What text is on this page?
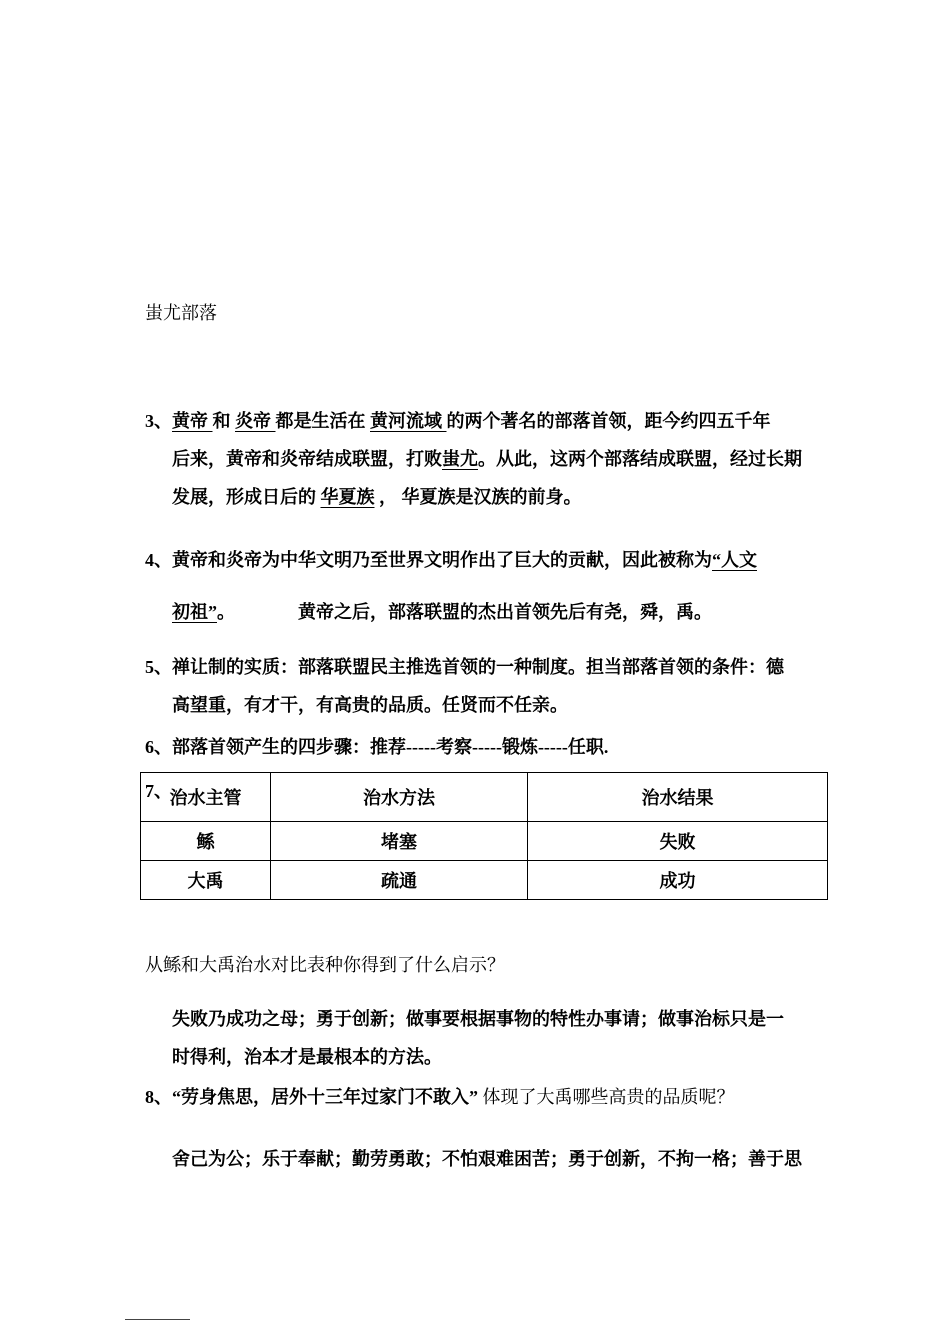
蚩尤部落

3、 黄帝 和 炎帝 都是生活在 黄河流域 的两个著名的部落首领，距今约四五千年
后来，黄帝和炎帝结成联盟，打败蚩尤。从此，这两个部落结成联盟，经过长期
发展，形成日后的 华夏族 ， 华夏族是汉族的前身。

4、 黄帝和炎帝为中华文明乃至世界文明作出了巨大的贡献，因此被称为“人文
初祖”。　　　　	黄帝之后，部落联盟的杰出首领先后有尧，舜，禹。

5、 禅让制的实质：部落联盟民主推选首领的一种制度。担当部落首领的条件：德
高望重，有才干，有高贵的品质。任贤而不任亲。

6、 部落首领产生的四步骤：推荐-----考察-----锻炼-----任职.

7、

治水主管	治水方法	治水结果
鲧	堵塞	失败
大禹	疏通	成功

从鲧和大禹治水对比表种你得到了什么启示？

失败乃成功之母；勇于创新；做事要根据事物的特性办事请；做事治标只是一
时得利，治本才是最根本的方法。

8、 “劳身焦思，居外十三年过家门不敢入” 体现了大禹哪些高贵的品质呢？

舍己为公；乐于奉献；勤劳勇敢；不怕艰难困苦；勇于创新，不拘一格；善于思
